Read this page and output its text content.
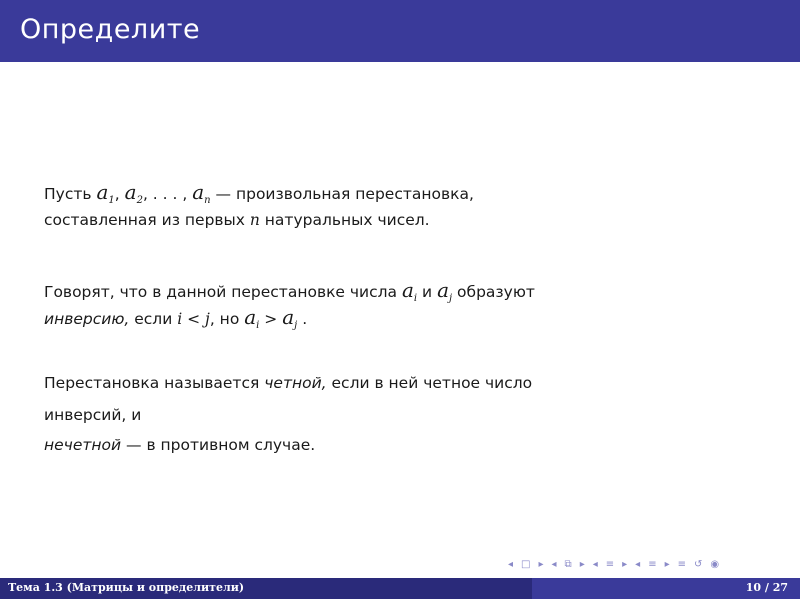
Определите
Пусть $a_1$, $a_2$, . . . , $a_n$ — произвольная перестановка,
составленная из первых n натуральных чисел.
Говорят, что в данной перестановке числа $a_i$ и $a_j$ образуют
инверсию, если i < j, но $a_i > a_j$ .
Перестановка называется четной, если в ней четное число
инверсий, и
нечетной — в противном случае.
◂ □ ▸ ◂ ⧉ ▸ ◂ ≡ ▸ ◂ ≡ ▸ ≡ ↺ ◉
Тема 1.3 (Матрицы и определители)	10 / 27
